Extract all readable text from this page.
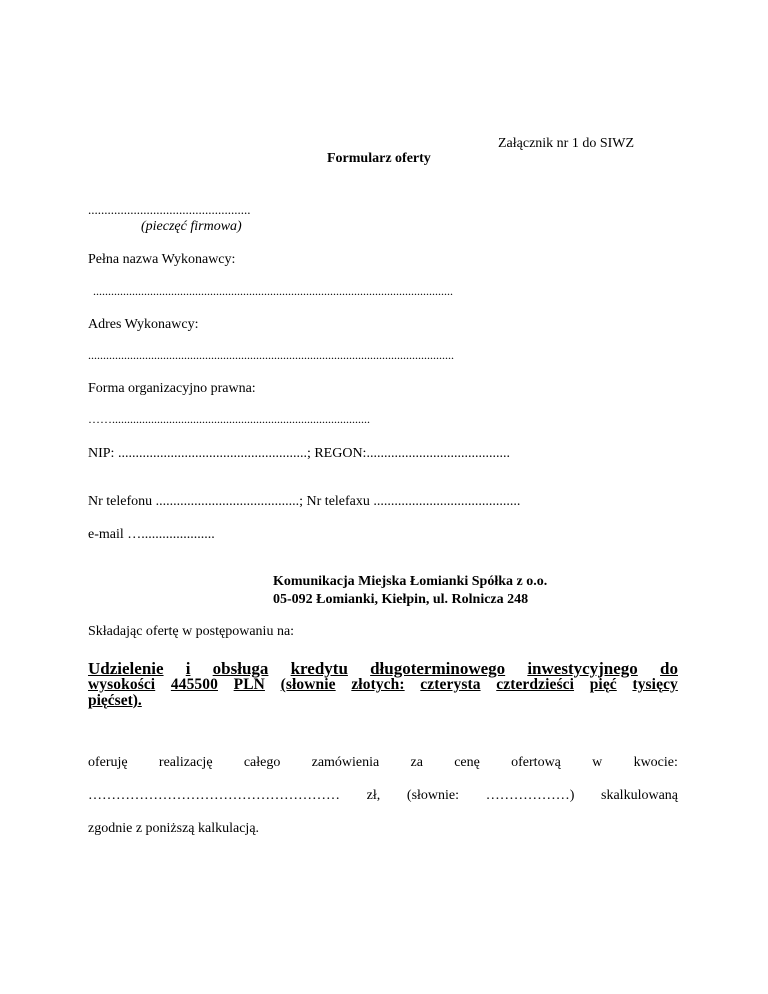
Załącznik nr 1 do SIWZ
Formularz oferty
..................................................
(pieczęć firmowa)
Pełna nazwa Wykonawcy:
........................................................................................................................
Adres Wykonawcy:
..........................................................................................................................
Forma organizacyjno prawna:
……......................................................................................
NIP: ......................................................; REGON:.........................................
Nr telefonu .........................................; Nr telefaxu ..........................................
e-mail ….....................
Komunikacja Miejska Łomianki Spółka z o.o.
05-092 Łomianki, Kiełpin, ul. Rolnicza 248
Składając ofertę w postępowaniu na:
Udzielenie i obsługa kredytu długoterminowego inwestycyjnego do
wysokości 445500 PLN (słownie złotych: czterysta czterdzieści pięć tysięcy
pięćset).
oferuję realizację całego zamówienia za cenę ofertową w kwocie:
……………………………………………… zł, (słownie: ………………) skalkulowaną
zgodnie z poniższą kalkulacją.
